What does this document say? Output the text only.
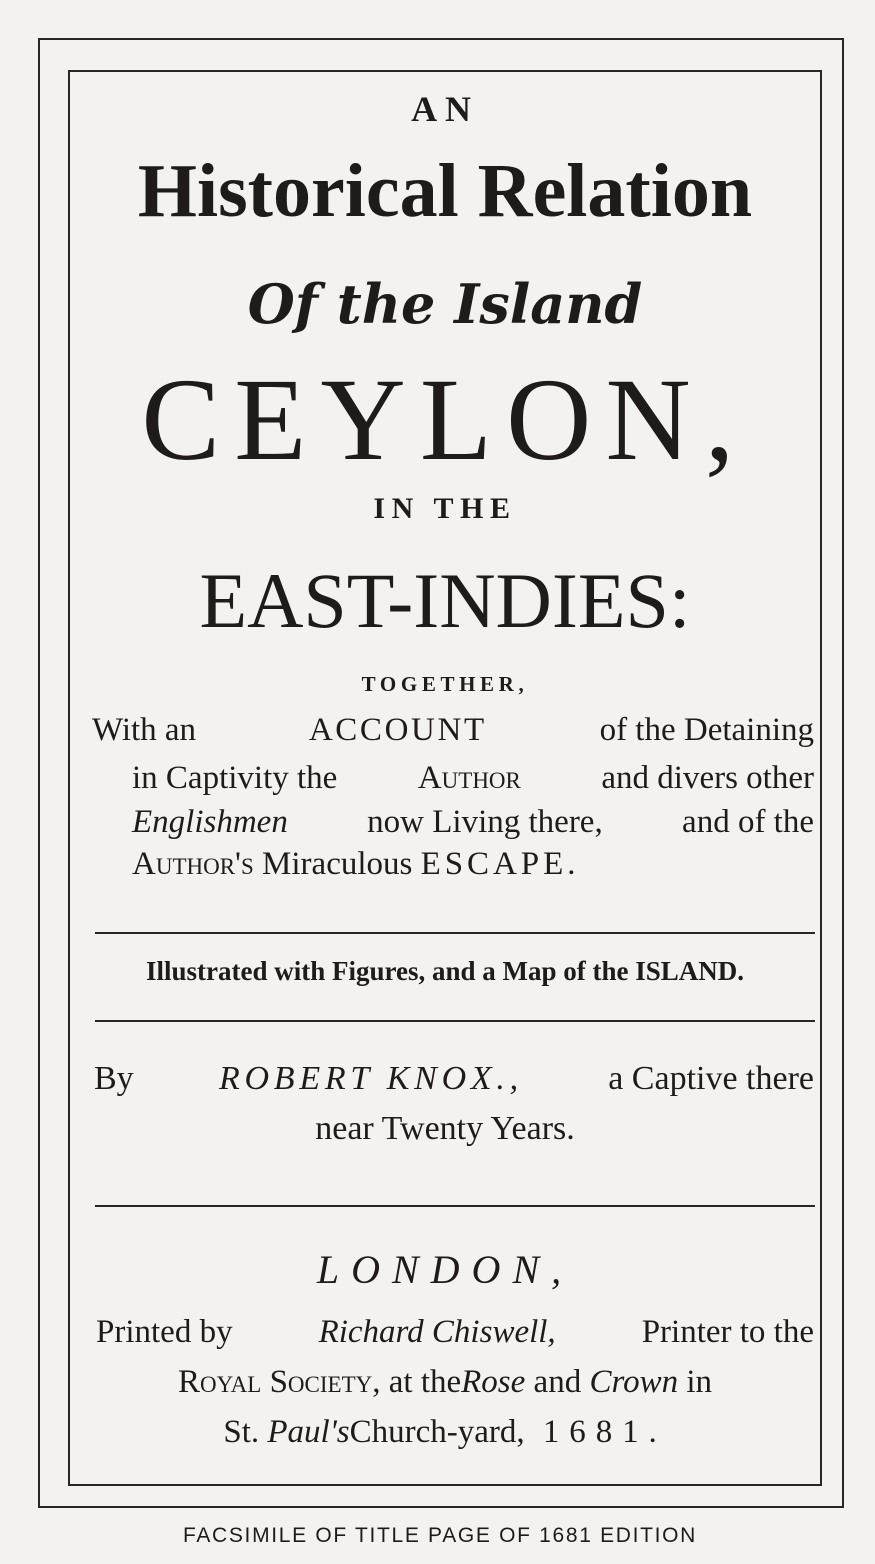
AN
Historical Relation
Of the Island
CEYLON,
IN THE
EAST-INDIES:
TOGETHER,
With an	ACCOUNT	of the Detaining
in Captivity the Author and divers other
Englishmen now Living there, and of the
Author's Miraculous ESCAPE.
Illustrated with Figures, and a Map of the ISLAND.
By	ROBERT KNOX.,	a Captive there
near Twenty Years.
LONDON,
Printed by	Richard Chiswell,	Printer to the
Royal Society, at theRose and Crown in
St. Paul'sChurch-yard, 1681.
FACSIMILE OF TITLE PAGE OF 1681 EDITION
